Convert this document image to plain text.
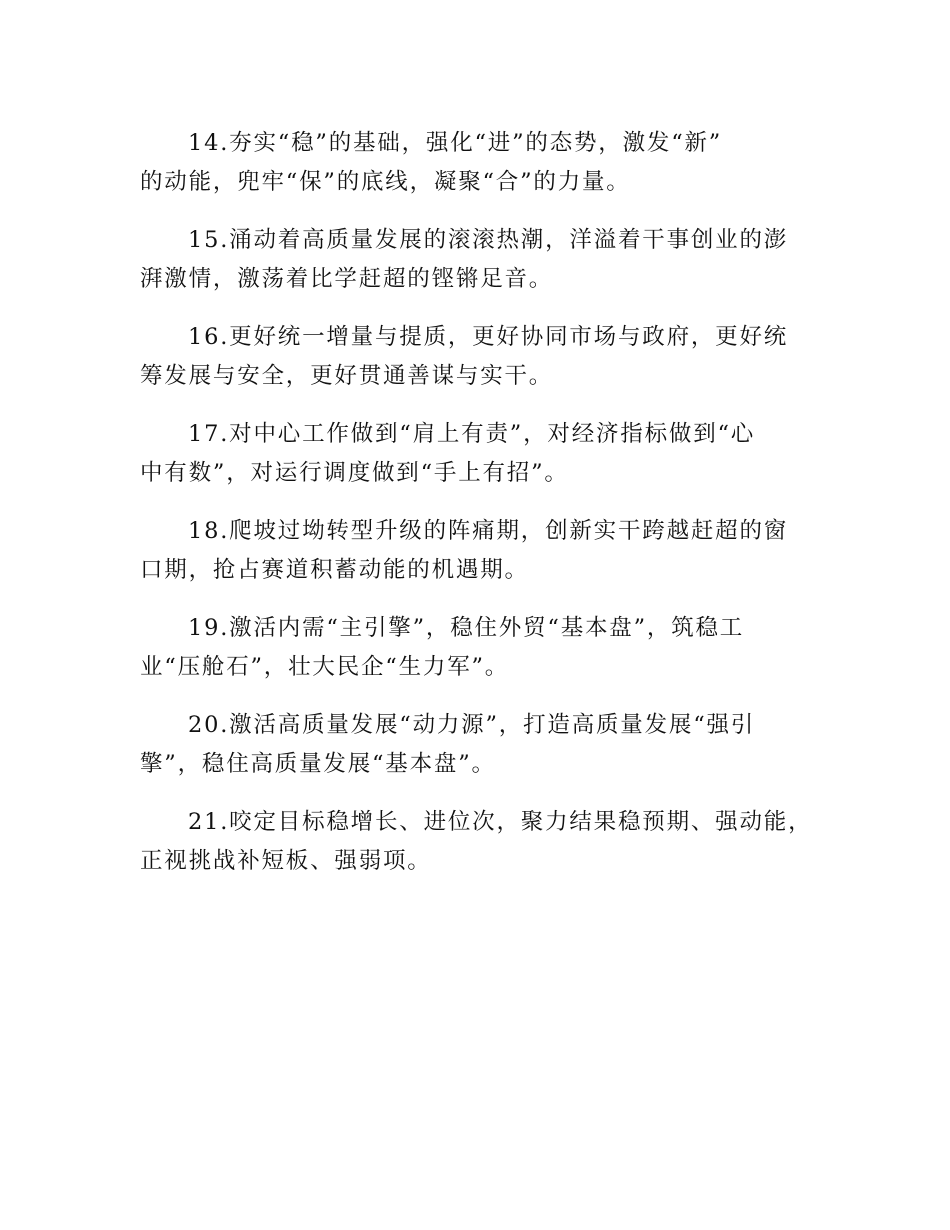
14.夯实“稳”的基础，强化“进”的态势，激发“新”
的动能，兜牢“保”的底线，凝聚“合”的力量。

15.涌动着高质量发展的滚滚热潮，洋溢着干事创业的澎
湃激情，激荡着比学赶超的铿锵足音。

16.更好统一增量与提质，更好协同市场与政府，更好统
筹发展与安全，更好贯通善谋与实干。

17.对中心工作做到“肩上有责”，对经济指标做到“心
中有数”，对运行调度做到“手上有招”。

18.爬坡过坳转型升级的阵痛期，创新实干跨越赶超的窗
口期，抢占赛道积蓄动能的机遇期。

19.激活内需“主引擎”，稳住外贸“基本盘”，筑稳工
业“压舱石”，壮大民企“生力军”。

20.激活高质量发展“动力源”，打造高质量发展“强引
擎”，稳住高质量发展“基本盘”。

21.咬定目标稳增长、进位次，聚力结果稳预期、强动能，
正视挑战补短板、强弱项。
